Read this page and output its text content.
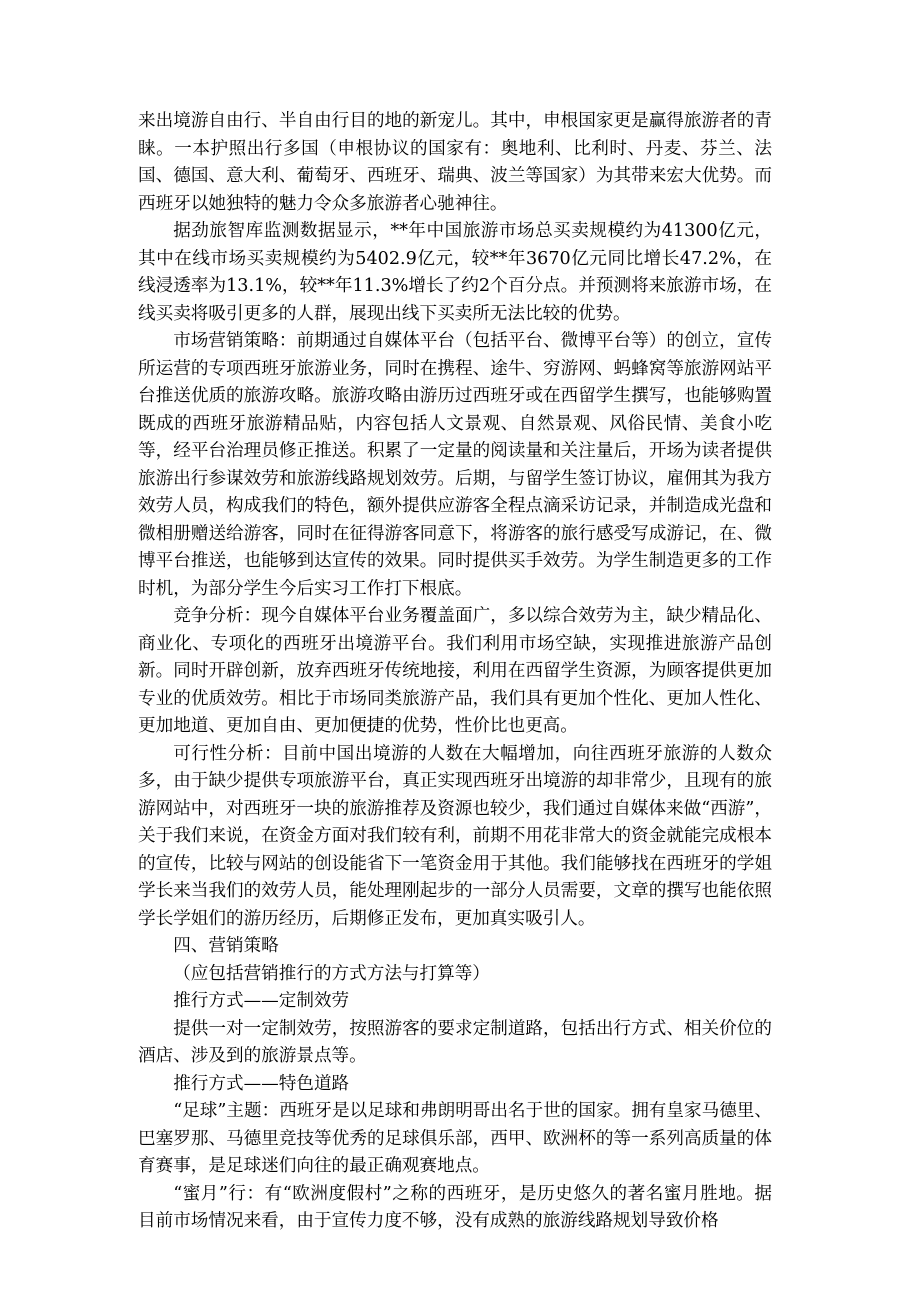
来出境游自由行、半自由行目的地的新宠儿。其中，申根国家更是赢得旅游者的青睐。一本护照出行多国（申根协议的国家有：奥地利、比利时、丹麦、芬兰、法国、德国、意大利、葡萄牙、西班牙、瑞典、波兰等国家）为其带来宏大优势。而西班牙以她独特的魅力令众多旅游者心驰神往。

据劲旅智库监测数据显示，**年中国旅游市场总买卖规模约为41300亿元，其中在线市场买卖规模约为5402.9亿元，较**年3670亿元同比增长47.2%，在线浸透率为13.1%，较**年11.3%增长了约2个百分点。并预测将来旅游市场，在线买卖将吸引更多的人群，展现出线下买卖所无法比较的优势。

市场营销策略：前期通过自媒体平台（包括平台、微博平台等）的创立，宣传所运营的专项西班牙旅游业务，同时在携程、途牛、穷游网、蚂蜂窝等旅游网站平台推送优质的旅游攻略。旅游攻略由游历过西班牙或在西留学生撰写，也能够购置既成的西班牙旅游精品贴，内容包括人文景观、自然景观、风俗民情、美食小吃等，经平台治理员修正推送。积累了一定量的阅读量和关注量后，开场为读者提供旅游出行参谋效劳和旅游线路规划效劳。后期，与留学生签订协议，雇佣其为我方效劳人员，构成我们的特色，额外提供应游客全程点滴采访记录，并制造成光盘和微相册赠送给游客，同时在征得游客同意下，将游客的旅行感受写成游记，在、微博平台推送，也能够到达宣传的效果。同时提供买手效劳。为学生制造更多的工作时机，为部分学生今后实习工作打下根底。

竞争分析：现今自媒体平台业务覆盖面广，多以综合效劳为主，缺少精品化、商业化、专项化的西班牙出境游平台。我们利用市场空缺，实现推进旅游产品创新。同时开辟创新，放弃西班牙传统地接，利用在西留学生资源，为顾客提供更加专业的优质效劳。相比于市场同类旅游产品，我们具有更加个性化、更加人性化、更加地道、更加自由、更加便捷的优势，性价比也更高。

可行性分析：目前中国出境游的人数在大幅增加，向往西班牙旅游的人数众多，由于缺少提供专项旅游平台，真正实现西班牙出境游的却非常少，且现有的旅游网站中，对西班牙一块的旅游推荐及资源也较少，我们通过自媒体来做“西游”，关于我们来说，在资金方面对我们较有利，前期不用花非常大的资金就能完成根本的宣传，比较与网站的创设能省下一笔资金用于其他。我们能够找在西班牙的学姐学长来当我们的效劳人员，能处理刚起步的一部分人员需要，文章的撰写也能依照学长学姐们的游历经历，后期修正发布，更加真实吸引人。

四、营销策略

（应包括营销推行的方式方法与打算等）

推行方式——定制效劳

提供一对一定制效劳，按照游客的要求定制道路，包括出行方式、相关价位的酒店、涉及到的旅游景点等。

推行方式——特色道路

“足球”主题：西班牙是以足球和弗朗明哥出名于世的国家。拥有皇家马德里、巴塞罗那、马德里竞技等优秀的足球俱乐部，西甲、欧洲杯的等一系列高质量的体育赛事，是足球迷们向往的最正确观赛地点。

“蜜月”行：有“欧洲度假村”之称的西班牙，是历史悠久的著名蜜月胜地。据目前市场情况来看，由于宣传力度不够，没有成熟的旅游线路规划导致价格
